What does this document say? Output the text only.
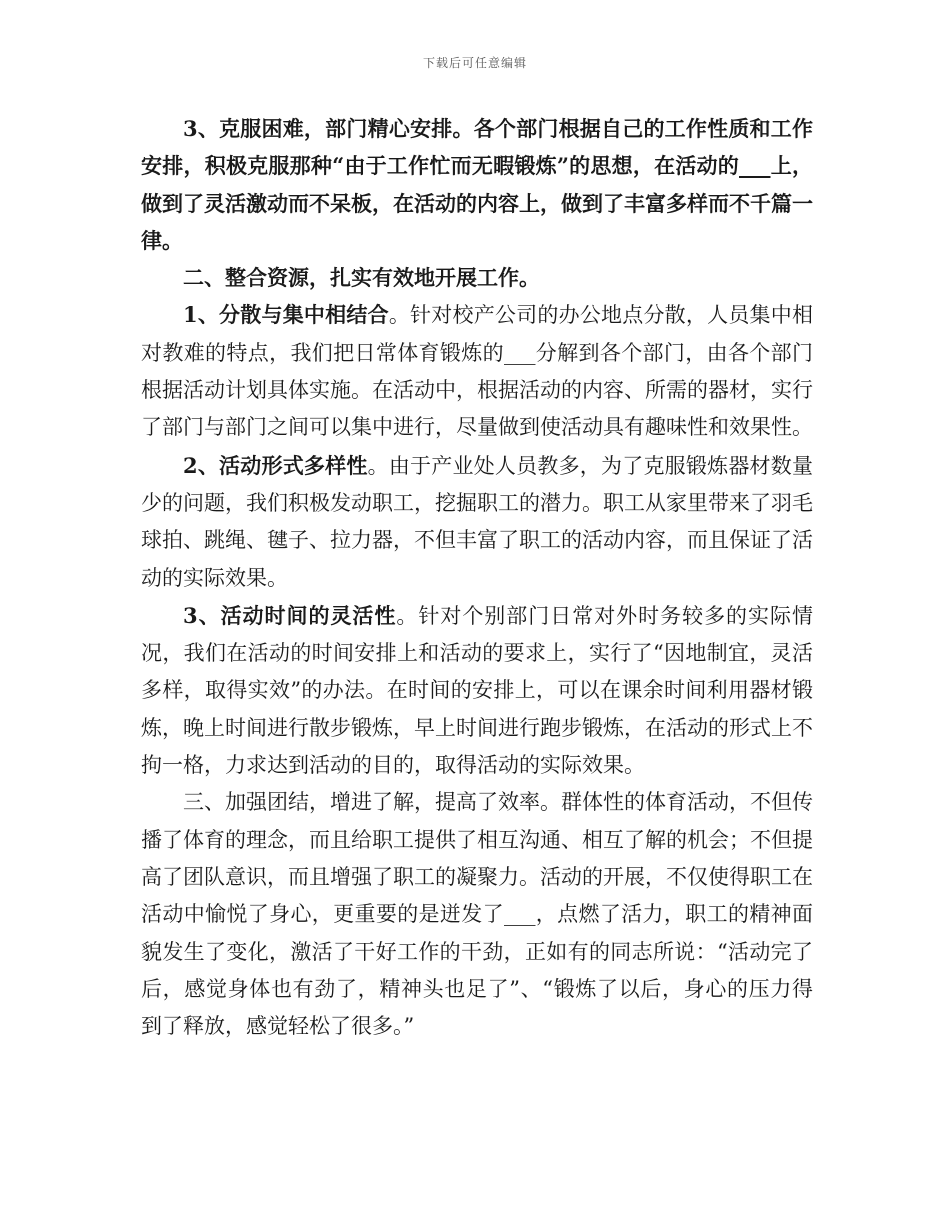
下载后可任意编辑

3、克服困难，部门精心安排。各个部门根据自己的工作性质和工作安排，积极克服那种“由于工作忙而无暇锻炼”的思想，在活动的___上，做到了灵活激动而不呆板，在活动的内容上，做到了丰富多样而不千篇一律。

二、整合资源，扎实有效地开展工作。

1、分散与集中相结合。针对校产公司的办公地点分散，人员集中相对教难的特点，我们把日常体育锻炼的___分解到各个部门，由各个部门根据活动计划具体实施。在活动中，根据活动的内容、所需的器材，实行了部门与部门之间可以集中进行，尽量做到使活动具有趣味性和效果性。

2、活动形式多样性。由于产业处人员教多，为了克服锻炼器材数量少的问题，我们积极发动职工，挖掘职工的潜力。职工从家里带来了羽毛球拍、跳绳、毽子、拉力器，不但丰富了职工的活动内容，而且保证了活动的实际效果。

3、活动时间的灵活性。针对个别部门日常对外时务较多的实际情况，我们在活动的时间安排上和活动的要求上，实行了“因地制宜，灵活多样，取得实效”的办法。在时间的安排上，可以在课余时间利用器材锻炼，晚上时间进行散步锻炼，早上时间进行跑步锻炼，在活动的形式上不拘一格，力求达到活动的目的，取得活动的实际效果。

三、加强团结，增进了解，提高了效率。群体性的体育活动，不但传播了体育的理念，而且给职工提供了相互沟通、相互了解的机会；不但提高了团队意识，而且增强了职工的凝聚力。活动的开展，不仅使得职工在活动中愉悦了身心，更重要的是迸发了___，点燃了活力，职工的精神面貌发生了变化，激活了干好工作的干劲，正如有的同志所说：“活动完了后，感觉身体也有劲了，精神头也足了”、“锻炼了以后，身心的压力得到了释放，感觉轻松了很多。”
